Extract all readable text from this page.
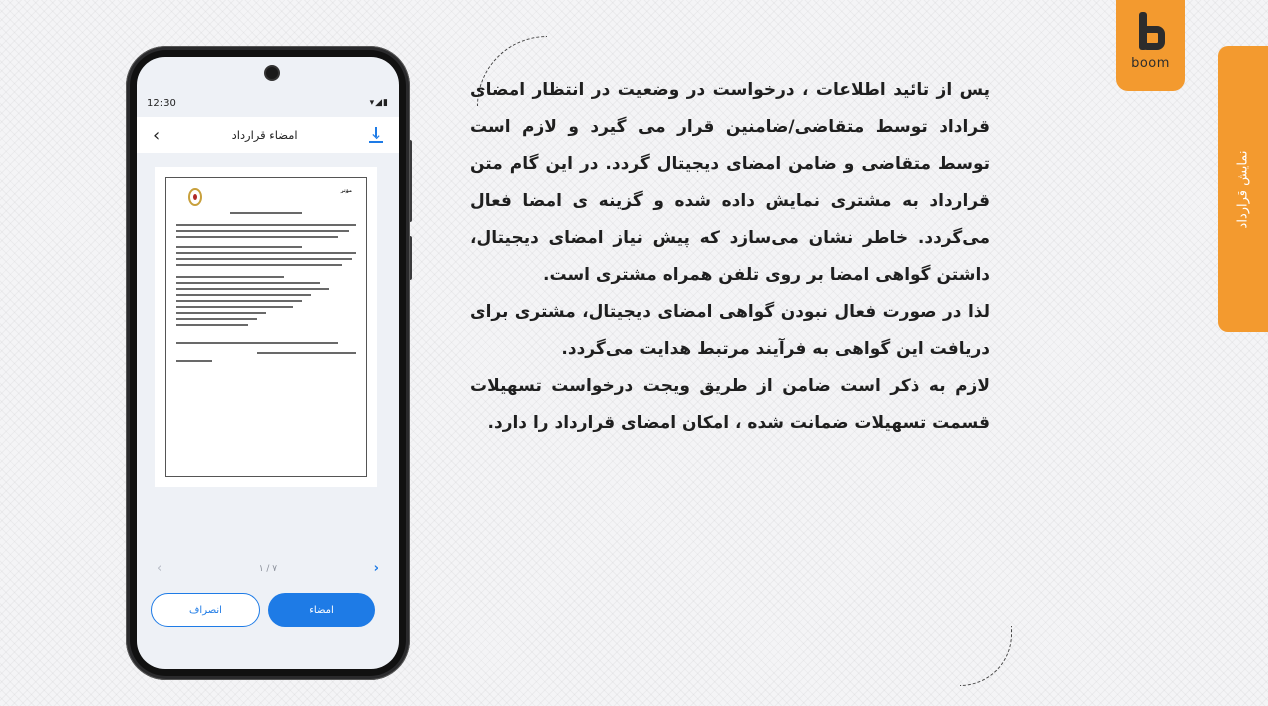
boom
نمایش قرارداد
12:30	▾◢▮
‹	امضاء قرارداد
مؤثر
‹	۱ / ۷	›
انصراف	امضاء

پس از تائید اطلاعات ، درخواست در وضعیت در انتظار امضای قراداد توسط متقاضی/ضامنین قرار می گیرد و لازم است توسط متقاضی و ضامن امضای دیجیتال گردد. در این گام متن قرارداد به مشتری نمایش داده شده و گزینه ی امضا فعال می‌گردد. خاطر نشان می‌سازد که پیش نیاز امضای دیجیتال، داشتن گواهی امضا بر روی تلفن همراه مشتری است.

لذا در صورت فعال نبودن گواهی امضای دیجیتال، مشتری برای دریافت این گواهی به فرآیند مرتبط هدایت می‌گردد.

لازم به ذکر است ضامن از طریق ویجت درخواست تسهیلات قسمت تسهیلات ضمانت شده ، امکان امضای قرارداد را دارد.
